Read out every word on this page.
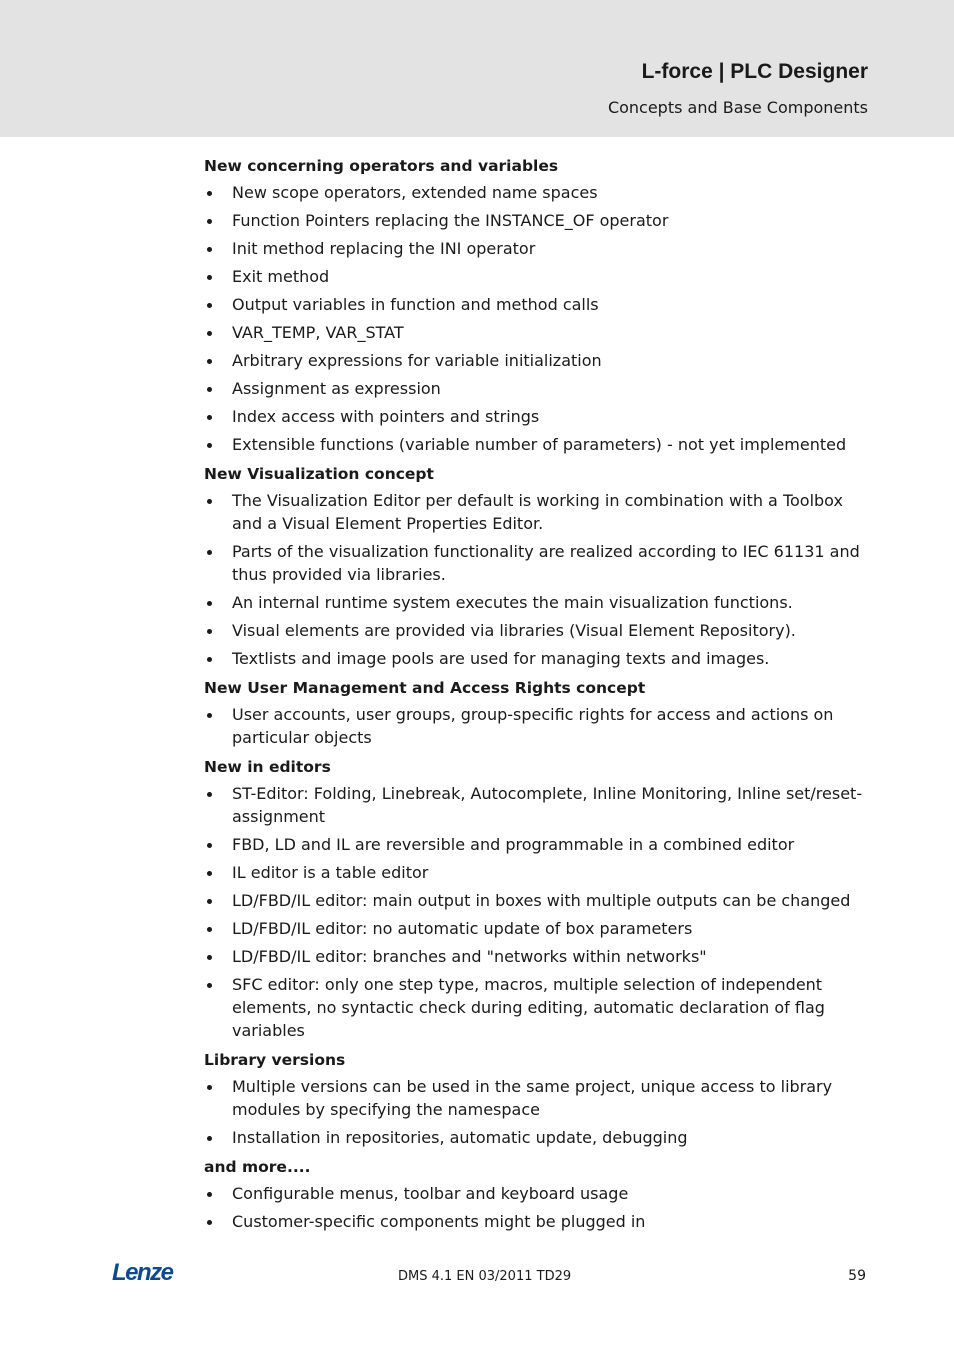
L-force | PLC Designer
Concepts and Base Components
New concerning operators and variables
New scope operators, extended name spaces
Function Pointers replacing the INSTANCE_OF operator
Init method replacing the INI operator
Exit method
Output variables in function and method calls
VAR_TEMP, VAR_STAT
Arbitrary expressions for variable initialization
Assignment as expression
Index access with pointers and strings
Extensible functions (variable number of parameters) - not yet implemented
New Visualization concept
The Visualization Editor per default is working in combination with a Toolbox and a Visual Element Properties Editor.
Parts of the visualization functionality are realized according to IEC 61131 and thus provided via libraries.
An internal runtime system executes the main visualization functions.
Visual elements are provided via libraries (Visual Element Repository).
Textlists and image pools are used for managing texts and images.
New User Management and Access Rights concept
User accounts, user groups, group-specific rights for access and actions on particular objects
New in editors
ST-Editor: Folding, Linebreak, Autocomplete, Inline Monitoring, Inline set/reset-assignment
FBD, LD and IL are reversible and programmable in a combined editor
IL editor is a table editor
LD/FBD/IL editor: main output in boxes with multiple outputs can be changed
LD/FBD/IL editor: no automatic update of box parameters
LD/FBD/IL editor: branches and "networks within networks"
SFC editor: only one step type, macros, multiple selection of independent elements, no syntactic check during editing, automatic declaration of flag variables
Library versions
Multiple versions can be used in the same project, unique access to library modules by specifying the namespace
Installation in repositories, automatic update, debugging
and more....
Configurable menus, toolbar and keyboard usage
Customer-specific components might be plugged in
Lenze	DMS 4.1 EN 03/2011 TD29	59
